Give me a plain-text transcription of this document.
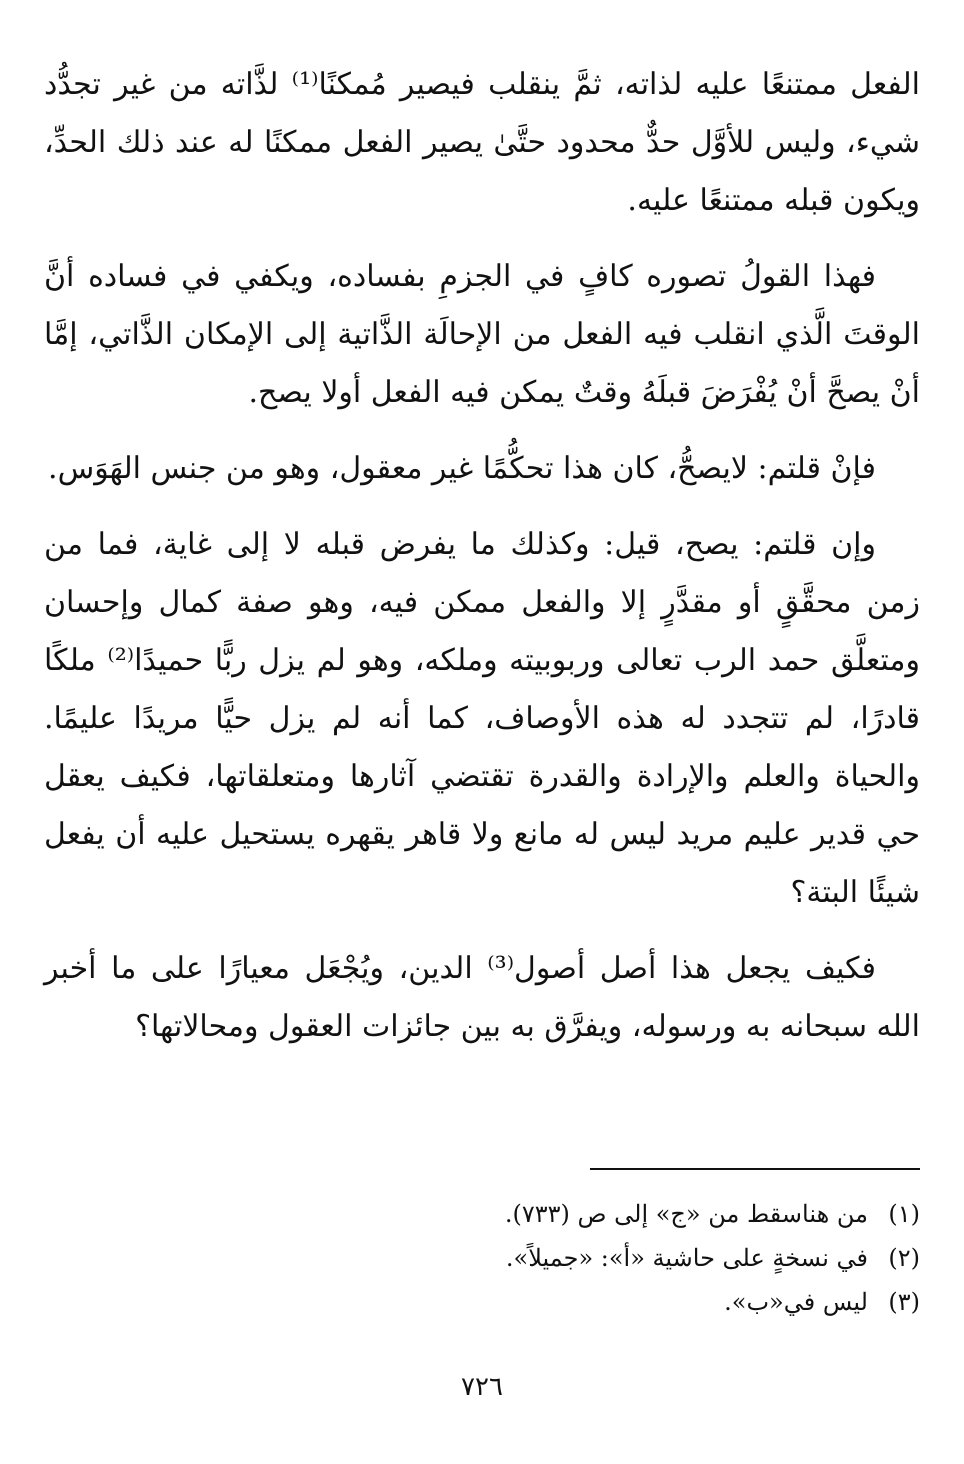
الفعل ممتنعًا عليه لذاته، ثمَّ ينقلب فيصير مُمكنًا⁽¹⁾ لذَّاته من غير تجدُّد شيء، وليس للأوَّل حدٌّ محدود حتَّىٰ يصير الفعل ممكنًا له عند ذلك الحدِّ، ويكون قبله ممتنعًا عليه.

فهذا القولُ تصوره كافٍ في الجزمِ بفساده، ويكفي في فساده أنَّ الوقتَ الَّذي انقلب فيه الفعل من الإحالَة الذَّاتية إلى الإمكان الذَّاتي، إمَّا أنْ يصحَّ أنْ يُفْرَضَ قبلَهُ وقتٌ يمكن فيه الفعل أولا يصح.

فإنْ قلتم: لايصحُّ، كان هذا تحكُّمًا غير معقول، وهو من جنس الهَوَس.

وإن قلتم: يصح، قيل: وكذلك ما يفرض قبله لا إلى غاية، فما من زمن محقَّقٍ أو مقدَّرٍ إلا والفعل ممكن فيه، وهو صفة كمال وإحسان ومتعلَّق حمد الرب تعالى وربوبيته وملكه، وهو لم يزل ربًّا حميدًا⁽²⁾ ملكًا قادرًا، لم تتجدد له هذه الأوصاف، كما أنه لم يزل حيًّا مريدًا عليمًا. والحياة والعلم والإرادة والقدرة تقتضي آثارها ومتعلقاتها، فكيف يعقل حي قدير عليم مريد ليس له مانع ولا قاهر يقهره يستحيل عليه أن يفعل شيئًا البتة؟

فكيف يجعل هذا أصل أصول⁽³⁾ الدين، ويُجْعَل معيارًا على ما أخبر الله سبحانه به ورسوله، ويفرَّق به بين جائزات العقول ومحالاتها؟

(١)من هناسقط من «ج» إلى ص (٧٣٣).

(٢)في نسخةٍ على حاشية «أ»: «جميلاً».

(٣)ليس في«ب».

٧٢٦
